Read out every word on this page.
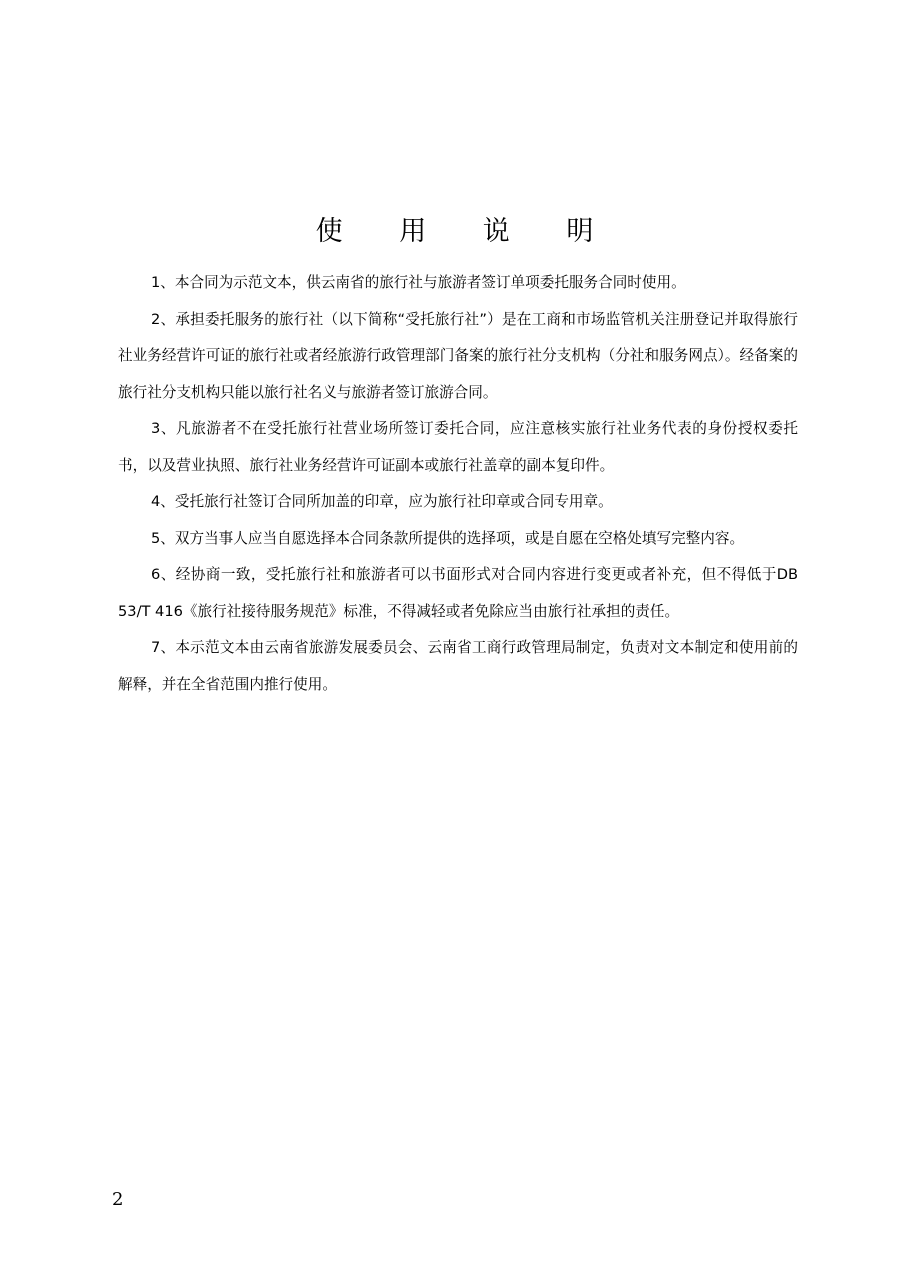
使 用 说 明

1、本合同为示范文本，供云南省的旅行社与旅游者签订单项委托服务合同时使用。

2、承担委托服务的旅行社（以下简称“受托旅行社”）是在工商和市场监管机关注册登记并取得旅行社业务经营许可证的旅行社或者经旅游行政管理部门备案的旅行社分支机构（分社和服务网点）。经备案的旅行社分支机构只能以旅行社名义与旅游者签订旅游合同。

3、凡旅游者不在受托旅行社营业场所签订委托合同，应注意核实旅行社业务代表的身份授权委托书，以及营业执照、旅行社业务经营许可证副本或旅行社盖章的副本复印件。

4、受托旅行社签订合同所加盖的印章，应为旅行社印章或合同专用章。

5、双方当事人应当自愿选择本合同条款所提供的选择项，或是自愿在空格处填写完整内容。

6、经协商一致，受托旅行社和旅游者可以书面形式对合同内容进行变更或者补充，但不得低于DB 53/T 416《旅行社接待服务规范》标准，不得减轻或者免除应当由旅行社承担的责任。

7、本示范文本由云南省旅游发展委员会、云南省工商行政管理局制定，负责对文本制定和使用前的解释，并在全省范围内推行使用。

2
